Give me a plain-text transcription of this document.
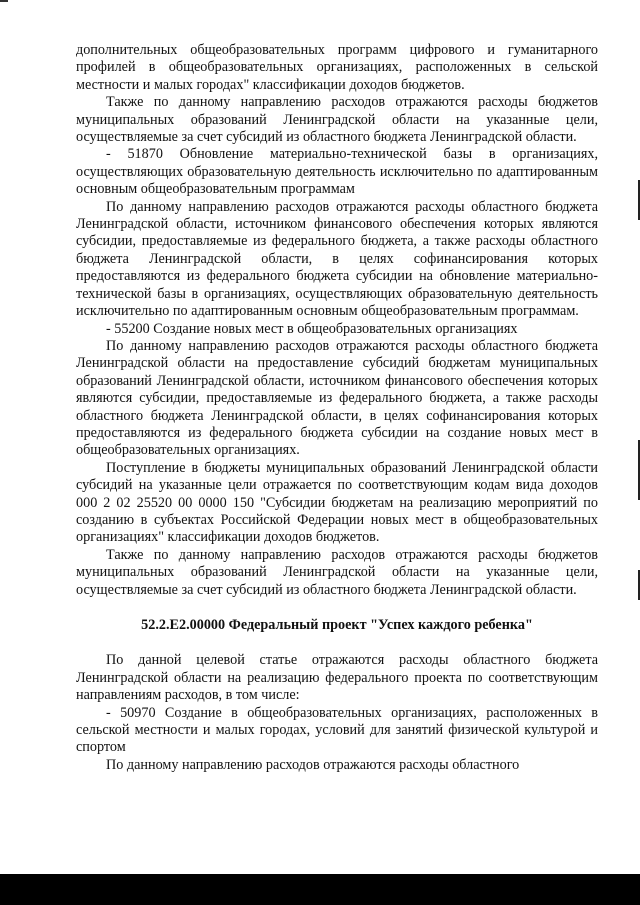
дополнительных общеобразовательных программ цифрового и гуманитарного профилей в общеобразовательных организациях, расположенных в сельской местности и малых городах" классификации доходов бюджетов.

Также по данному направлению расходов отражаются расходы бюджетов муниципальных образований Ленинградской области на указанные цели, осуществляемые за счет субсидий из областного бюджета Ленинградской области.

- 51870 Обновление материально-технической базы в организациях, осуществляющих образовательную деятельность исключительно по адаптированным основным общеобразовательным программам

По данному направлению расходов отражаются расходы областного бюджета Ленинградской области, источником финансового обеспечения которых являются субсидии, предоставляемые из федерального бюджета, а также расходы областного бюджета Ленинградской области, в целях софинансирования которых предоставляются из федерального бюджета субсидии на обновление материально-технической базы в организациях, осуществляющих образовательную деятельность исключительно по адаптированным основным общеобразовательным программам.

- 55200 Создание новых мест в общеобразовательных организациях

По данному направлению расходов отражаются расходы областного бюджета Ленинградской области на предоставление субсидий бюджетам муниципальных образований Ленинградской области, источником финансового обеспечения которых являются субсидии, предоставляемые из федерального бюджета, а также расходы областного бюджета Ленинградской области, в целях софинансирования которых предоставляются из федерального бюджета субсидии на создание новых мест в общеобразовательных организациях.

Поступление в бюджеты муниципальных образований Ленинградской области субсидий на указанные цели отражается по соответствующим кодам вида доходов 000 2 02 25520 00 0000 150 "Субсидии бюджетам на реализацию мероприятий по созданию в субъектах Российской Федерации новых мест в общеобразовательных организациях" классификации доходов бюджетов.

Также по данному направлению расходов отражаются расходы бюджетов муниципальных образований Ленинградской области на указанные цели, осуществляемые за счет субсидий из областного бюджета Ленинградской области.

52.2.E2.00000 Федеральный проект "Успех каждого ребенка"

По данной целевой статье отражаются расходы областного бюджета Ленинградской области на реализацию федерального проекта по соответствующим направлениям расходов, в том числе:

- 50970 Создание в общеобразовательных организациях, расположенных в сельской местности и малых городах, условий для занятий физической культурой и спортом

По данному направлению расходов отражаются расходы областного
